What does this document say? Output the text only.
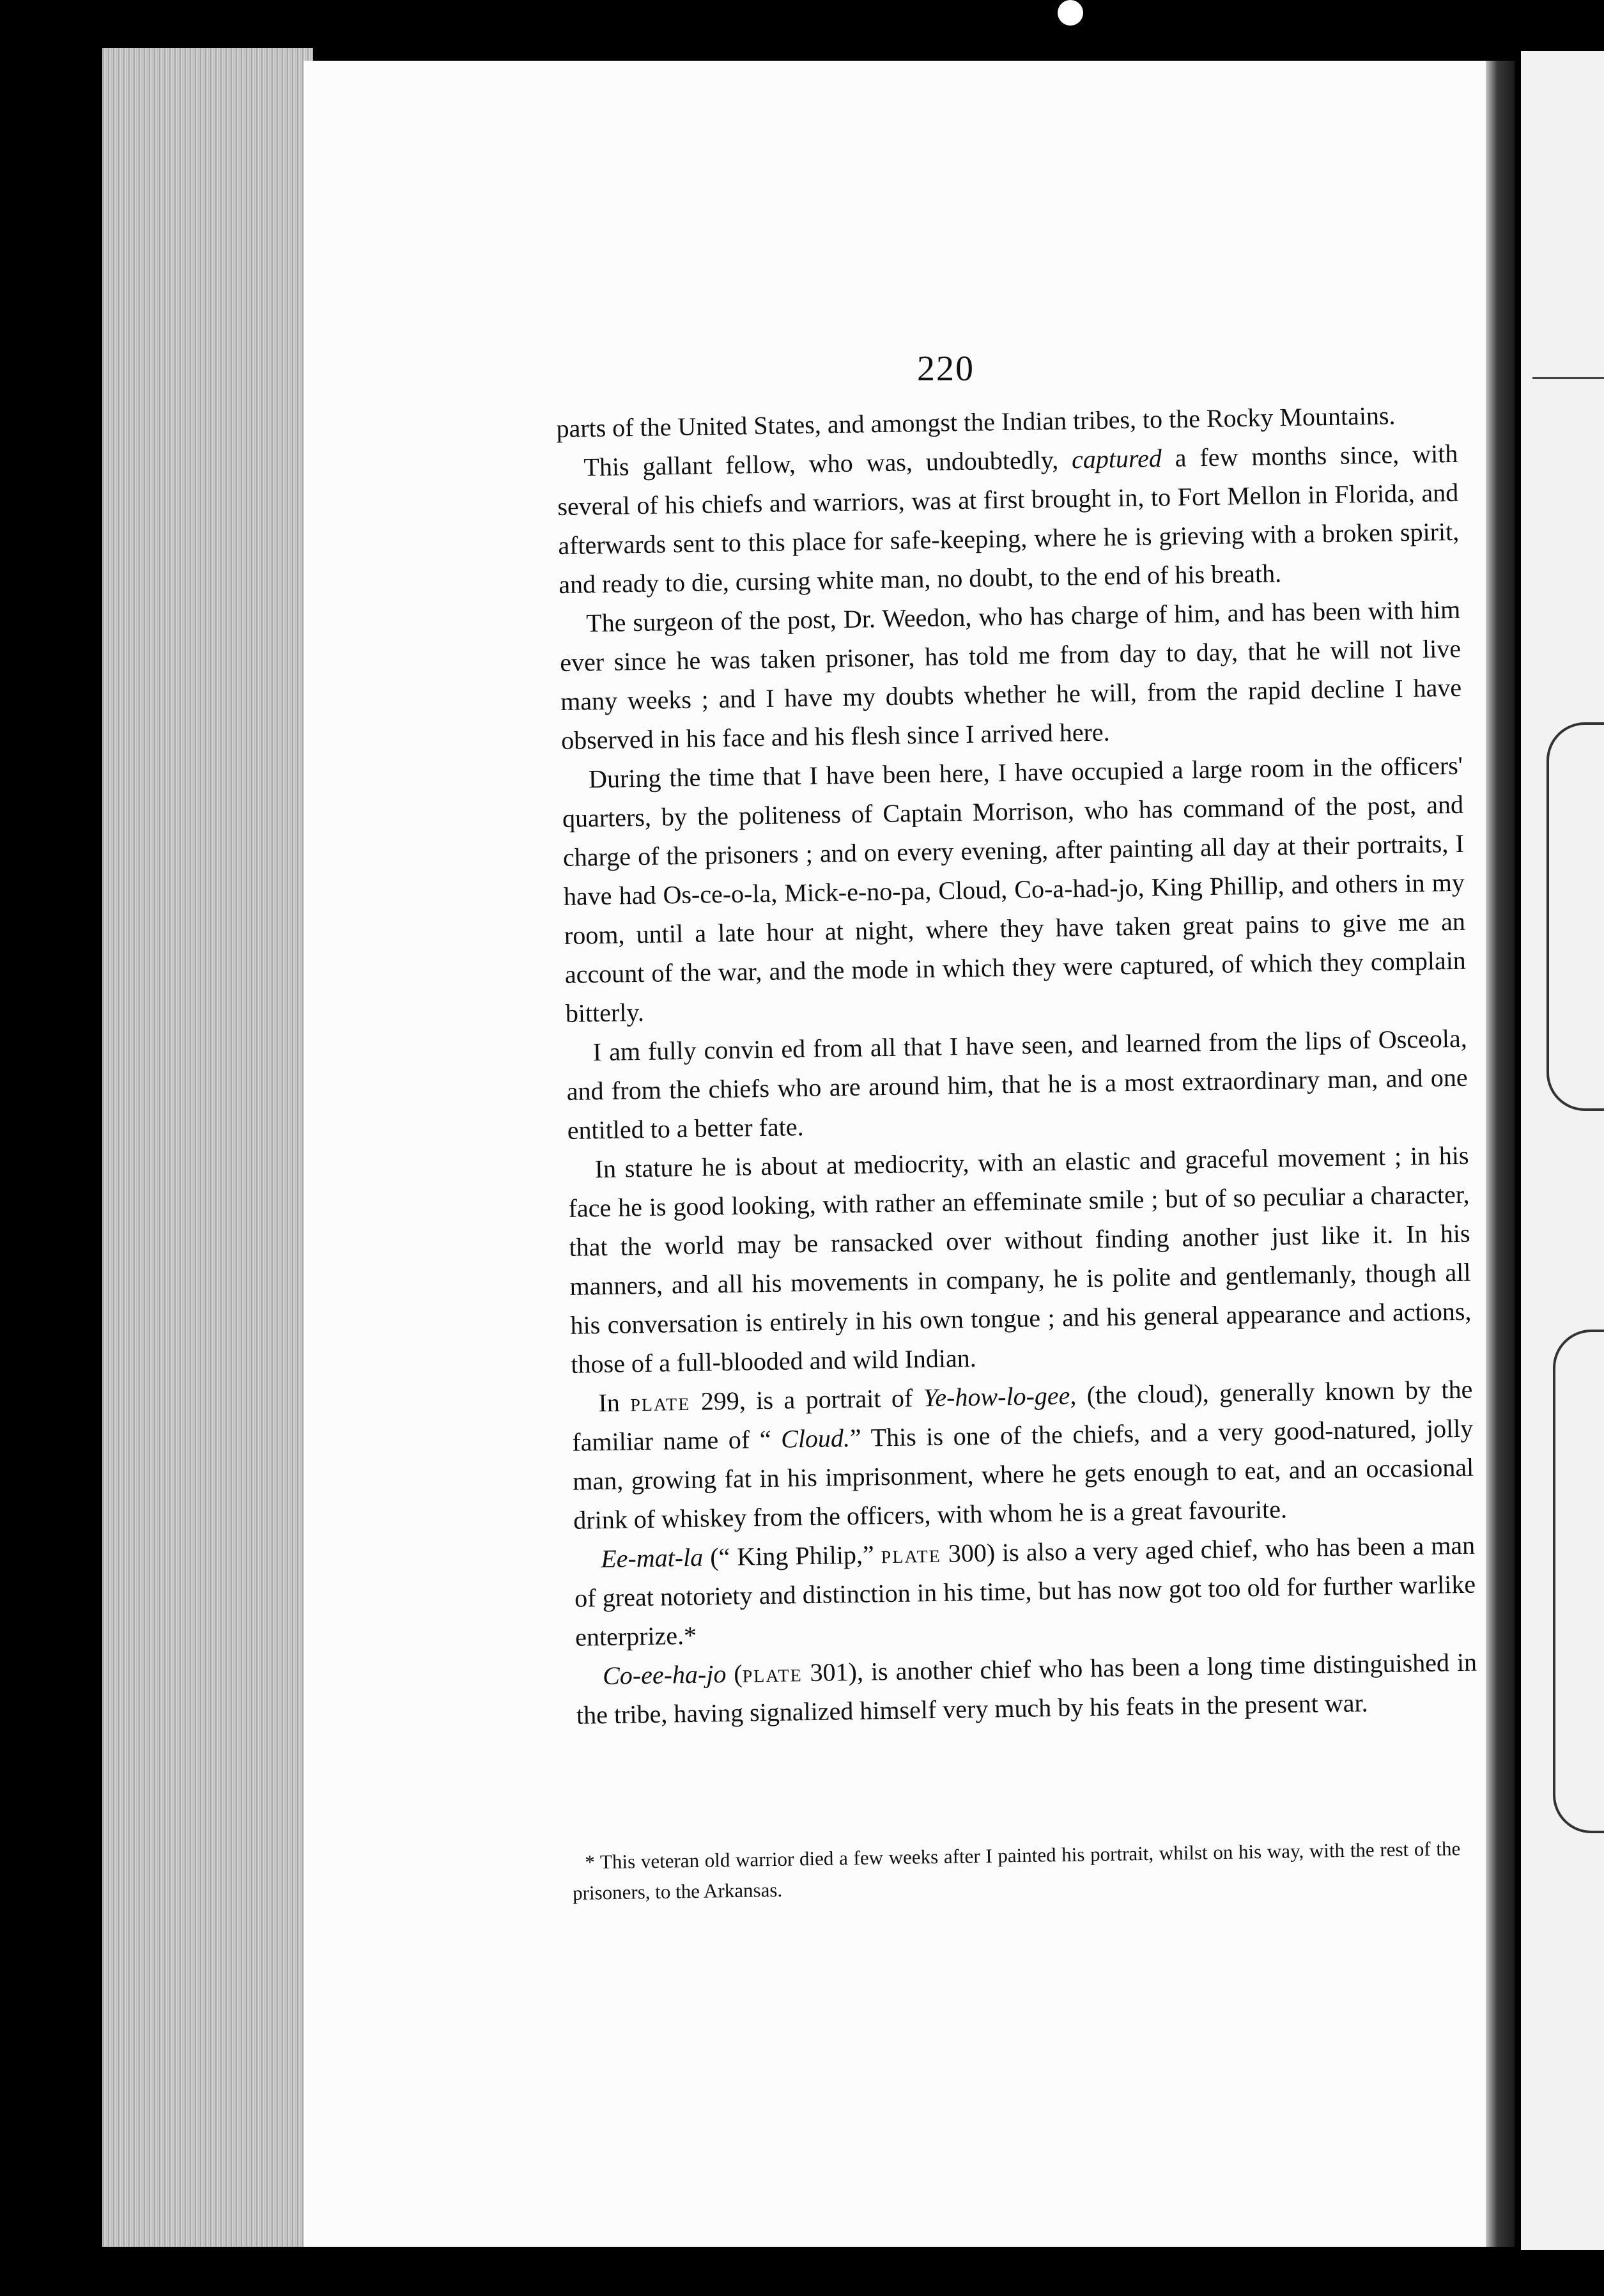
220

parts of the United States, and amongst the Indian tribes, to the Rocky Mountains.

This gallant fellow, who was, undoubtedly, captured a few months since, with several of his chiefs and warriors, was at first brought in, to Fort Mellon in Florida, and afterwards sent to this place for safe-keeping, where he is grieving with a broken spirit, and ready to die, cursing white man, no doubt, to the end of his breath.

The surgeon of the post, Dr. Weedon, who has charge of him, and has been with him ever since he was taken prisoner, has told me from day to day, that he will not live many weeks ; and I have my doubts whether he will, from the rapid decline I have observed in his face and his flesh since I arrived here.

During the time that I have been here, I have occupied a large room in the officers' quarters, by the politeness of Captain Morrison, who has command of the post, and charge of the prisoners ; and on every evening, after painting all day at their portraits, I have had Os-ce-o-la, Mick-e-no-pa, Cloud, Co-a-had-jo, King Phillip, and others in my room, until a late hour at night, where they have taken great pains to give me an account of the war, and the mode in which they were captured, of which they complain bitterly.

I am fully convin ed from all that I have seen, and learned from the lips of Osceola, and from the chiefs who are around him, that he is a most extraordinary man, and one entitled to a better fate.

In stature he is about at mediocrity, with an elastic and graceful movement ; in his face he is good looking, with rather an effeminate smile ; but of so peculiar a character, that the world may be ransacked over without finding another just like it. In his manners, and all his movements in company, he is polite and gentlemanly, though all his conversation is entirely in his own tongue ; and his general appearance and actions, those of a full-blooded and wild Indian.

In plate 299, is a portrait of Ye-how-lo-gee, (the cloud), generally known by the familiar name of “ Cloud.” This is one of the chiefs, and a very good-natured, jolly man, growing fat in his imprisonment, where he gets enough to eat, and an occasional drink of whiskey from the officers, with whom he is a great favourite.

Ee-mat-la (“ King Philip,” plate 300) is also a very aged chief, who has been a man of great notoriety and distinction in his time, but has now got too old for further warlike enterprize.*

Co-ee-ha-jo (plate 301), is another chief who has been a long time distinguished in the tribe, having signalized himself very much by his feats in the present war.

* This veteran old warrior died a few weeks after I painted his portrait, whilst on his way, with the rest of the prisoners, to the Arkansas.
